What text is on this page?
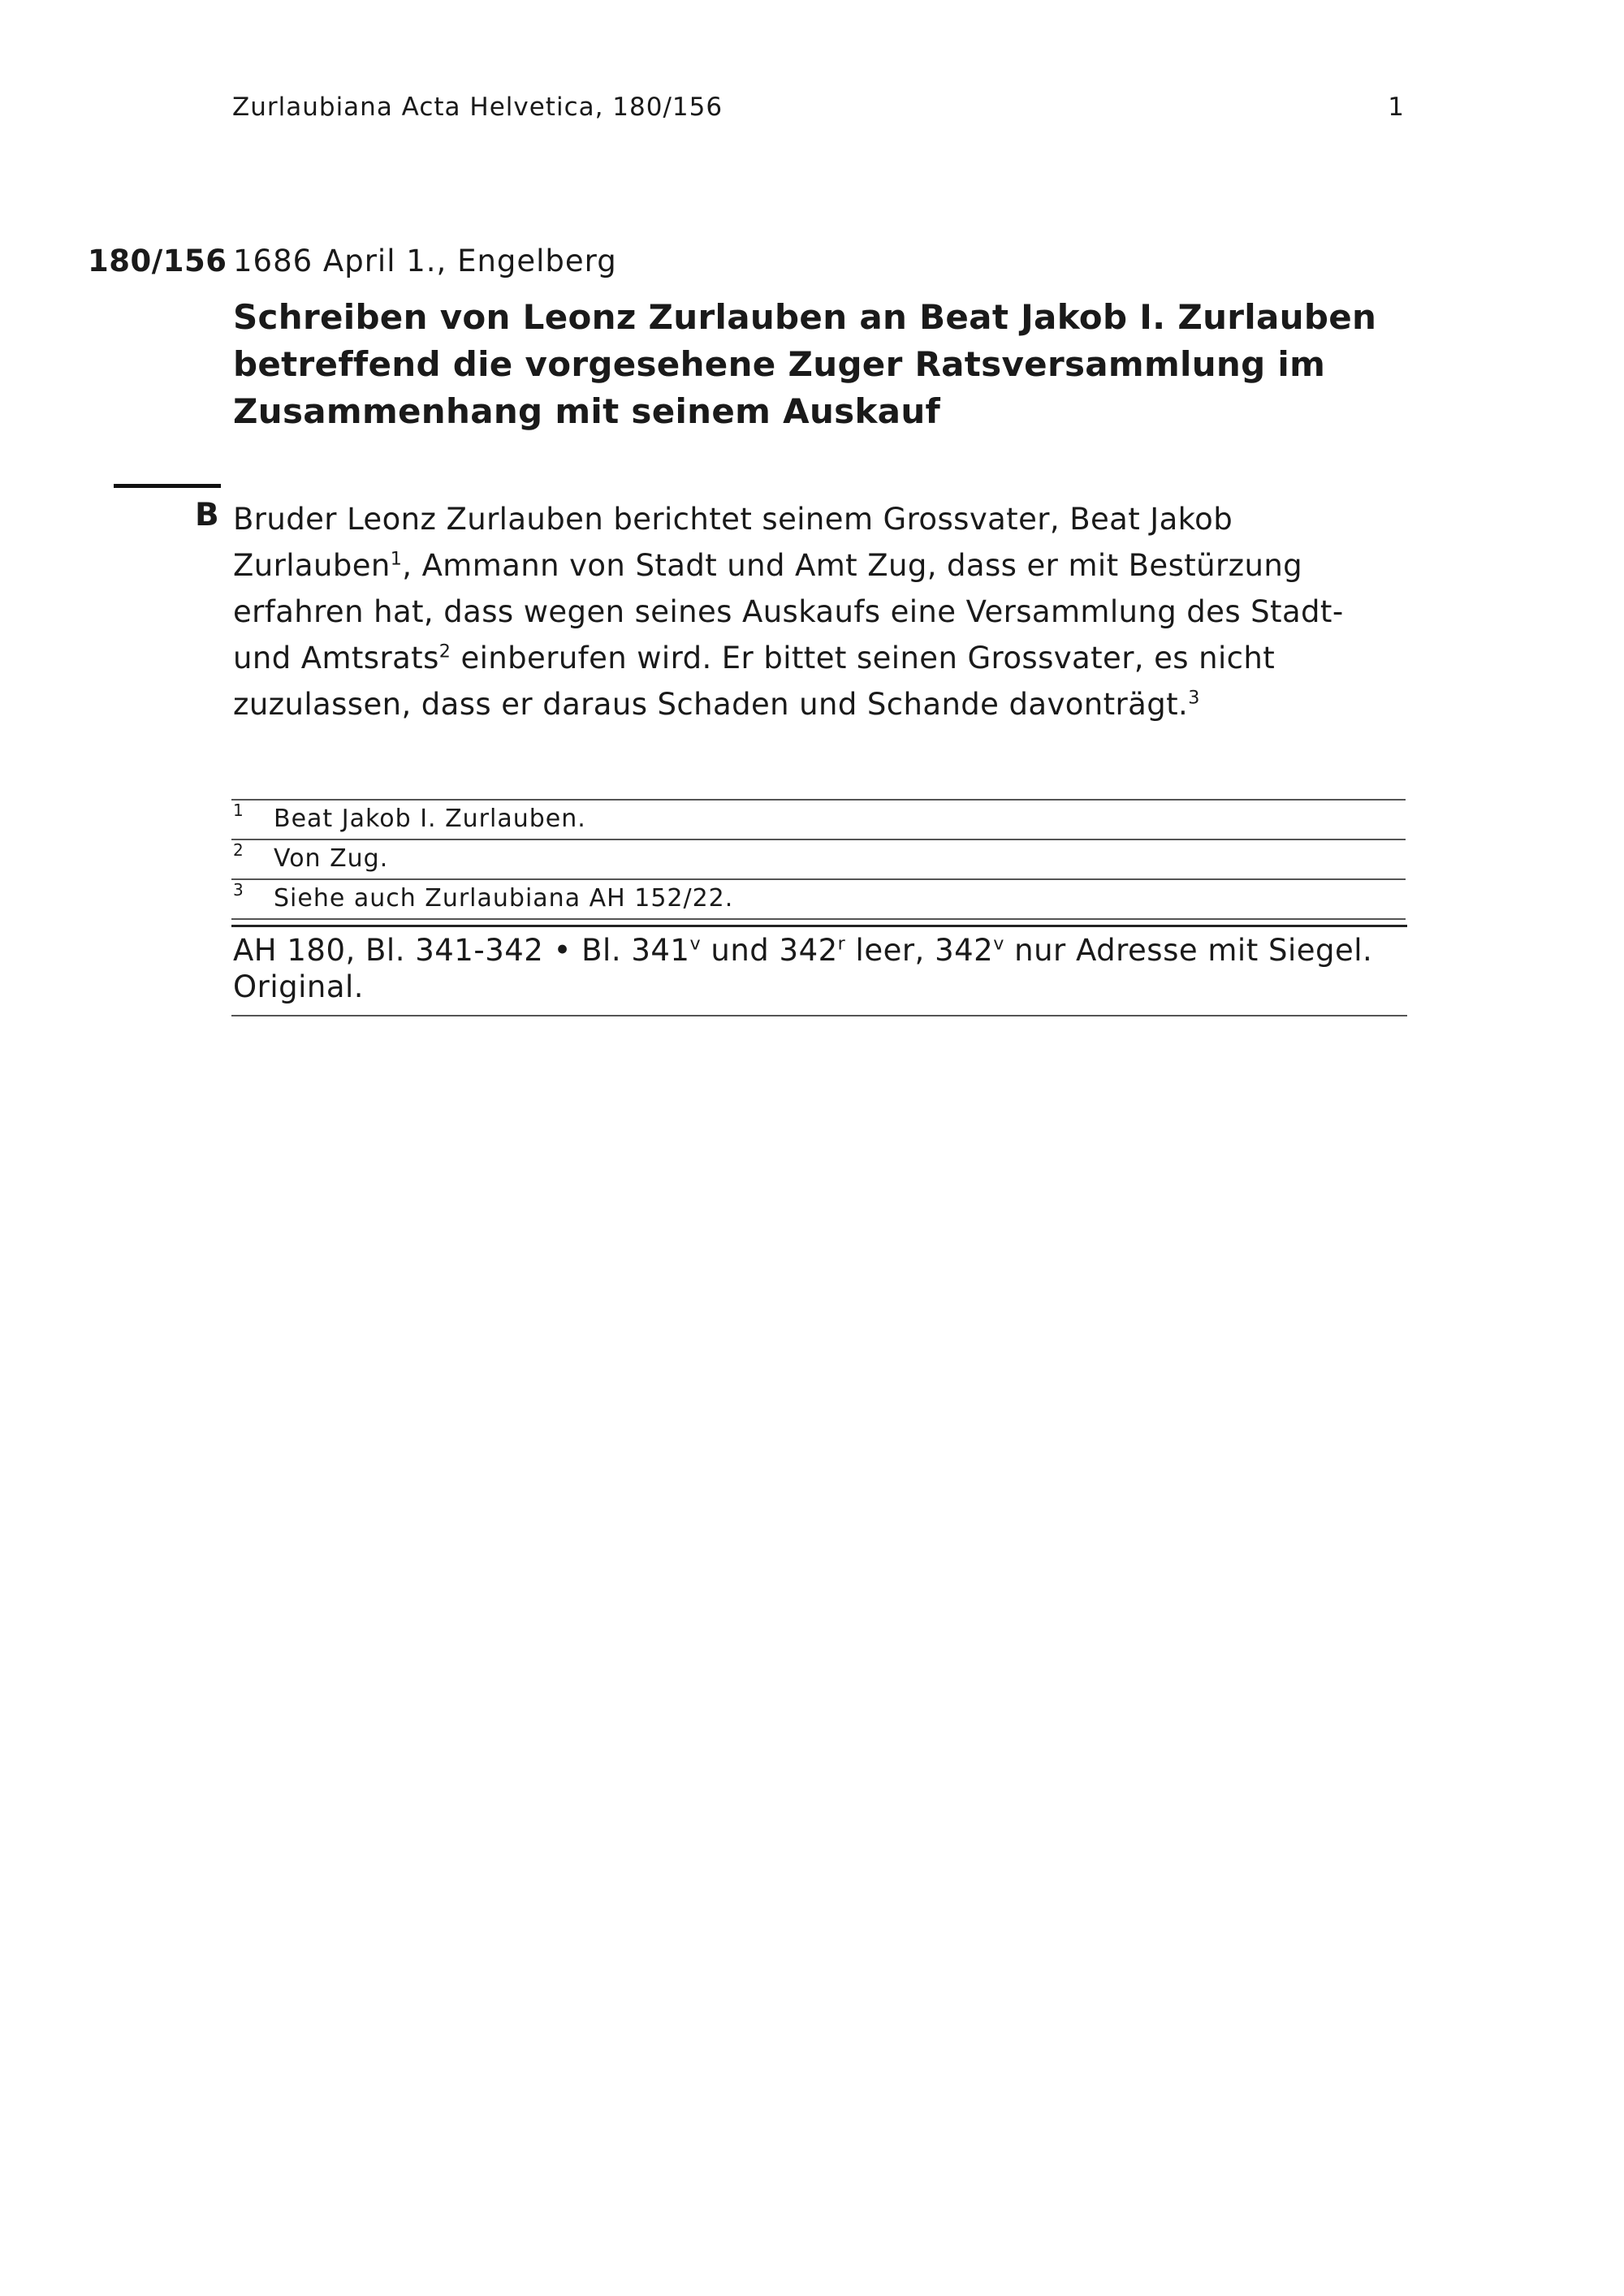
Zurlaubiana Acta Helvetica, 180/156	1
180/156 1686 April 1., Engelberg
Schreiben von Leonz Zurlauben an Beat Jakob I. Zurlauben betreffend die vorgesehene Zuger Ratsversammlung im Zusammenhang mit seinem Auskauf
B Bruder Leonz Zurlauben berichtet seinem Grossvater, Beat Jakob Zurlauben$^1$, Ammann von Stadt und Amt Zug, dass er mit Bestürzung erfahren hat, dass wegen seines Auskaufs eine Versammlung des Stadt- und Amtsrats$^2$ einberufen wird. Er bittet seinen Grossvater, es nicht zuzulassen, dass er daraus Schaden und Schande davonträgt.$^3$

1 Beat Jakob I. Zurlauben.
2 Von Zug.
3 Siehe auch Zurlaubiana AH 152/22.

AH 180, Bl. 341-342 • Bl. 341$^v$ und 342$^r$ leer, 342$^v$ nur Adresse mit Siegel. Original.
